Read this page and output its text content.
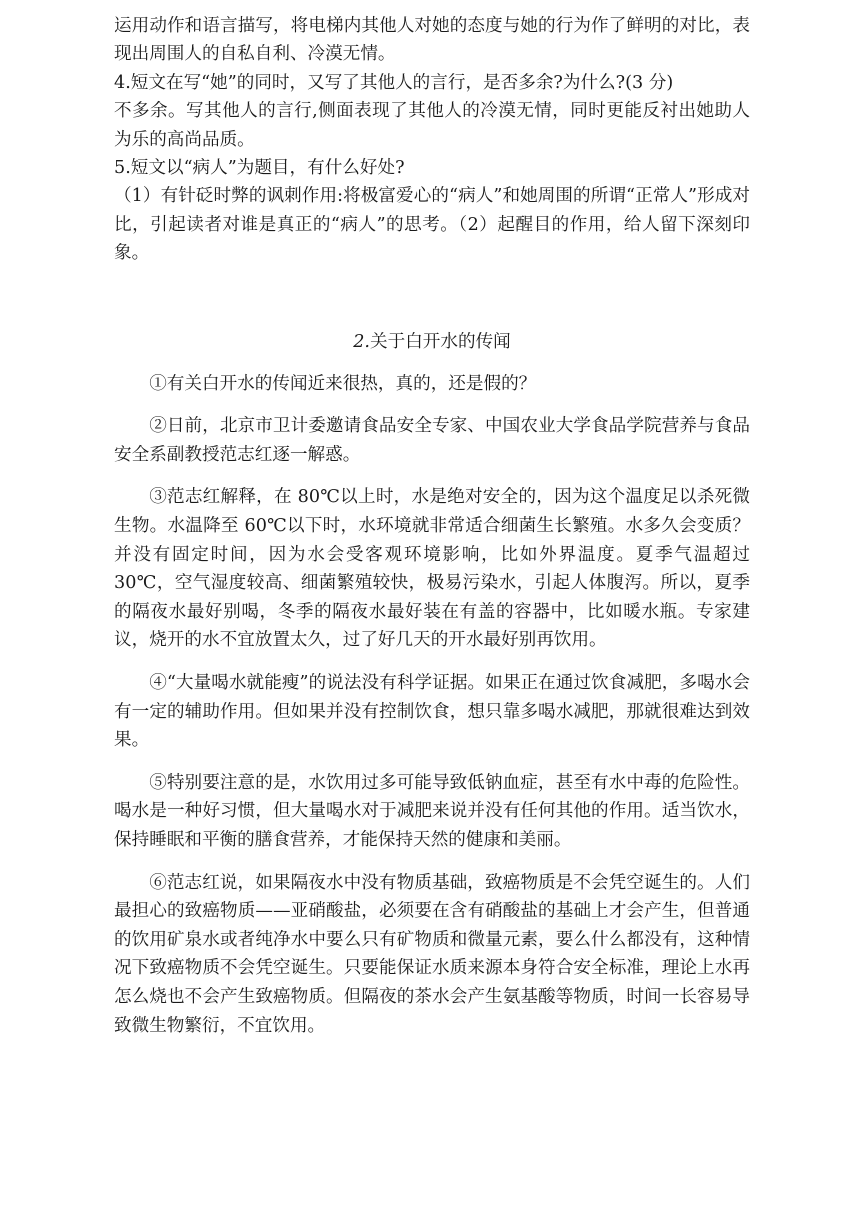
运用动作和语言描写，将电梯内其他人对她的态度与她的行为作了鲜明的对比，表现出周围人的自私自利、冷漠无情。

4.短文在写“她”的同时，又写了其他人的言行，是否多余?为什么?(3 分)

不多余。写其他人的言行,侧面表现了其他人的冷漠无情，同时更能反衬出她助人为乐的高尚品质。

5.短文以“病人”为题目，有什么好处?

（1）有针砭时弊的讽刺作用:将极富爱心的“病人”和她周围的所谓“正常人”形成对比，引起读者对谁是真正的“病人”的思考。（2）起醒目的作用，给人留下深刻印象。

2.关于白开水的传闻

①有关白开水的传闻近来很热，真的，还是假的？

②日前，北京市卫计委邀请食品安全专家、中国农业大学食品学院营养与食品安全系副教授范志红逐一解惑。

③范志红解释，在 80℃以上时，水是绝对安全的，因为这个温度足以杀死微生物。水温降至 60℃以下时，水环境就非常适合细菌生长繁殖。水多久会变质？并没有固定时间，因为水会受客观环境影响，比如外界温度。夏季气温超过 30℃，空气湿度较高、细菌繁殖较快，极易污染水，引起人体腹泻。所以，夏季的隔夜水最好别喝，冬季的隔夜水最好装在有盖的容器中，比如暖水瓶。专家建议，烧开的水不宜放置太久，过了好几天的开水最好别再饮用。

④“大量喝水就能瘦”的说法没有科学证据。如果正在通过饮食减肥，多喝水会有一定的辅助作用。但如果并没有控制饮食，想只靠多喝水减肥，那就很难达到效果。

⑤特别要注意的是，水饮用过多可能导致低钠血症，甚至有水中毒的危险性。喝水是一种好习惯，但大量喝水对于减肥来说并没有任何其他的作用。适当饮水，保持睡眠和平衡的膳食营养，才能保持天然的健康和美丽。

⑥范志红说，如果隔夜水中没有物质基础，致癌物质是不会凭空诞生的。人们最担心的致癌物质——亚硝酸盐，必须要在含有硝酸盐的基础上才会产生，但普通的饮用矿泉水或者纯净水中要么只有矿物质和微量元素，要么什么都没有，这种情况下致癌物质不会凭空诞生。只要能保证水质来源本身符合安全标准，理论上水再怎么烧也不会产生致癌物质。但隔夜的茶水会产生氨基酸等物质，时间一长容易导致微生物繁衍，不宜饮用。
